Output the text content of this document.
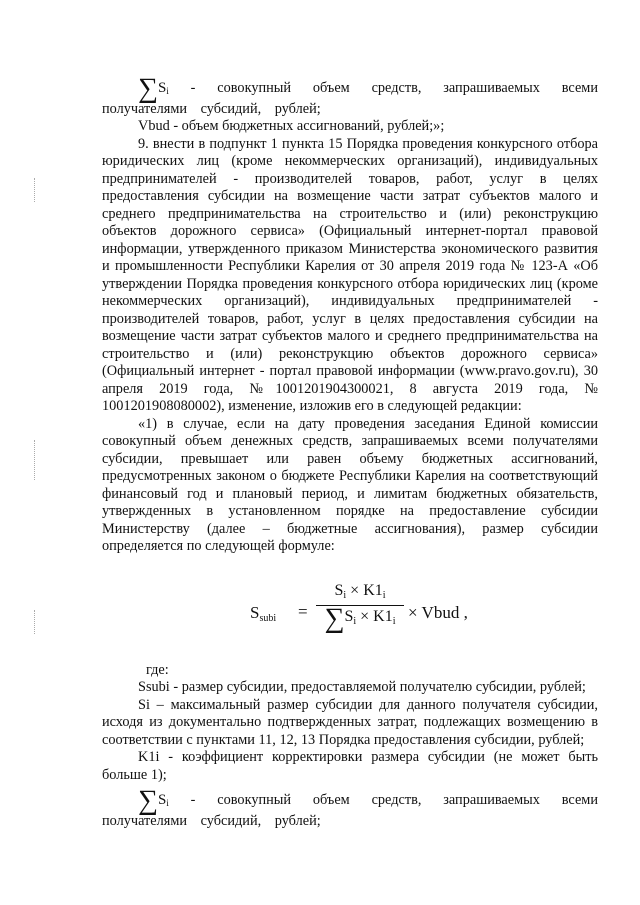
$\sum S_i$ - совокупный объем средств, запрашиваемых всеми получателями субсидий, рублей;

Vbud - объем бюджетных ассигнований, рублей;»;

9. внести в подпункт 1 пункта 15 Порядка проведения конкурсного отбора юридических лиц (кроме некоммерческих организаций), индивидуальных предпринимателей - производителей товаров, работ, услуг в целях предоставления субсидии на возмещение части затрат субъектов малого и среднего предпринимательства на строительство и (или) реконструкцию объектов дорожного сервиса» (Официальный интернет-портал правовой информации, утвержденного приказом Министерства экономического развития и промышленности Республики Карелия от 30 апреля 2019 года № 123-А «Об утверждении Порядка проведения конкурсного отбора юридических лиц (кроме некоммерческих организаций), индивидуальных предпринимателей - производителей товаров, работ, услуг в целях предоставления субсидии на возмещение части затрат субъектов малого и среднего предпринимательства на строительство и (или) реконструкцию объектов дорожного сервиса» (Официальный интернет - портал правовой информации (www.pravo.gov.ru), 30 апреля 2019 года, №1001201904300021, 8 августа 2019 года, № 1001201908080002), изменение, изложив его в следующей редакции:

«1) в случае, если на дату проведения заседания Единой комиссии совокупный объем денежных средств, запрашиваемых всеми получателями субсидии, превышает или равен объему бюджетных ассигнований, предусмотренных законом о бюджете Республики Карелия на соответствующий финансовый год и плановый период, и лимитам бюджетных обязательств, утвержденных в установленном порядке на предоставление субсидии Министерству (далее – бюджетные ассигнования), размер субсидии определяется по следующей формуле:

$S_{subi}$ =
$S_i \times K1_i$
$\sum S_i \times K1_i$ × Vbud ,

где:

Ssubi - размер субсидии, предоставляемой получателю субсидии, рублей;

Si – максимальный размер субсидии для данного получателя субсидии, исходя из документально подтвержденных затрат, подлежащих возмещению в соответствии с пунктами 11, 12, 13 Порядка предоставления субсидии, рублей;

K1i - коэффициент корректировки размера субсидии (не может быть больше 1);

$\sum S_i$ - совокупный объем средств, запрашиваемых всеми получателями субсидий, рублей;
